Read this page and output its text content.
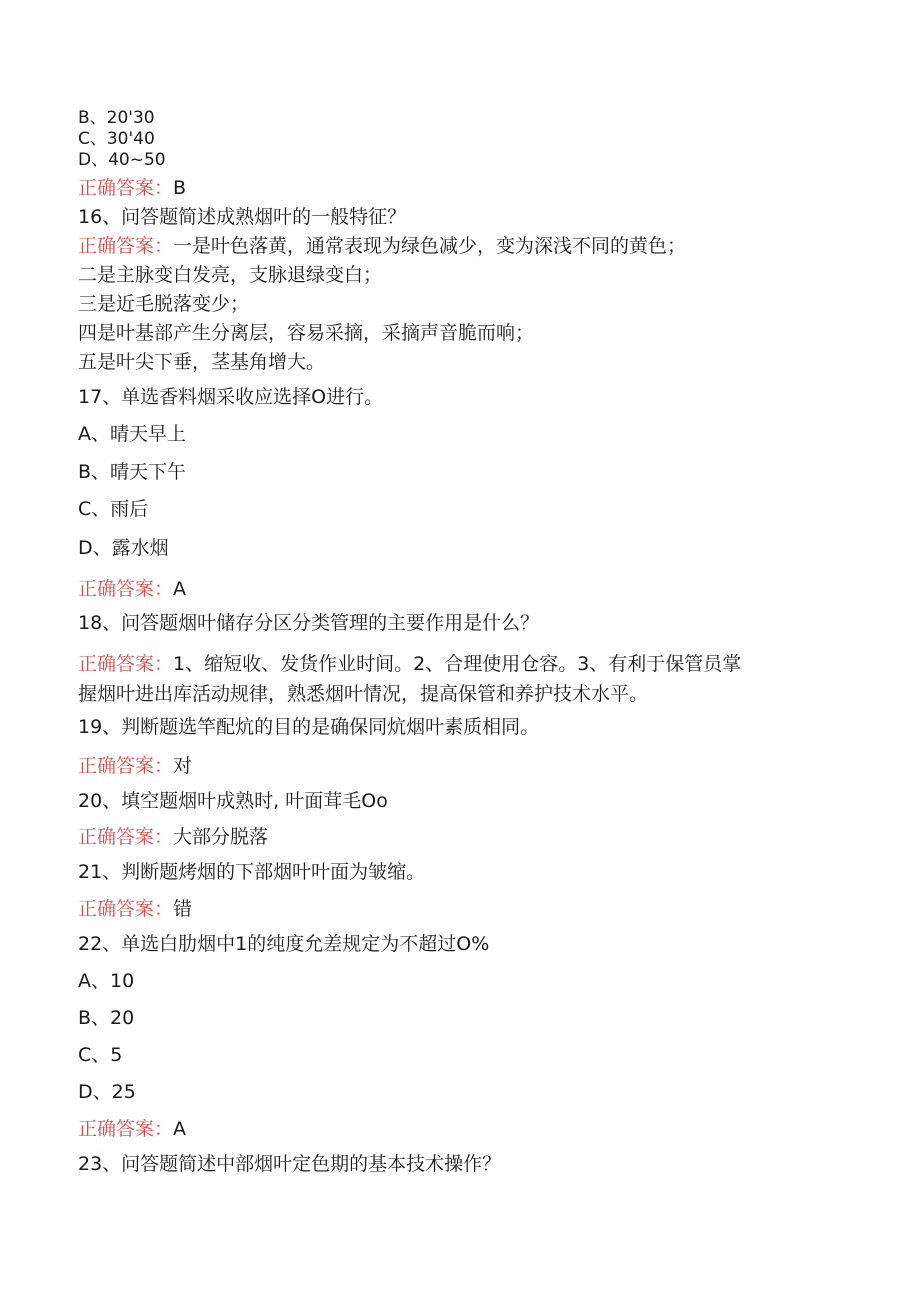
B、20'30
C、30'40
D、40~50
正确答案：B
16、问答题简述成熟烟叶的一般特征？
正确答案：一是叶色落黄，通常表现为绿色减少，变为深浅不同的黄色；
二是主脉变白发亮，支脉退绿变白；
三是近毛脱落变少；
四是叶基部产生分离层，容易采摘，采摘声音脆而响；
五是叶尖下垂，茎基角增大。
17、单选香料烟采收应选择O进行。
A、晴天早上
B、晴天下午
C、雨后
D、露水烟
正确答案：A
18、问答题烟叶储存分区分类管理的主要作用是什么？
正确答案：1、缩短收、发货作业时间。2、合理使用仓容。3、有利于保管员掌
握烟叶进出库活动规律，熟悉烟叶情况，提高保管和养护技术水平。
19、判断题选竿配炕的目的是确保同炕烟叶素质相同。
正确答案：对
20、填空题烟叶成熟时, 叶面茸毛Oo
正确答案：大部分脱落
21、判断题烤烟的下部烟叶叶面为皱缩。
正确答案：错
22、单选白肋烟中1的纯度允差规定为不超过O%
A、10
B、20
C、5
D、25
正确答案：A
23、问答题简述中部烟叶定色期的基本技术操作？
